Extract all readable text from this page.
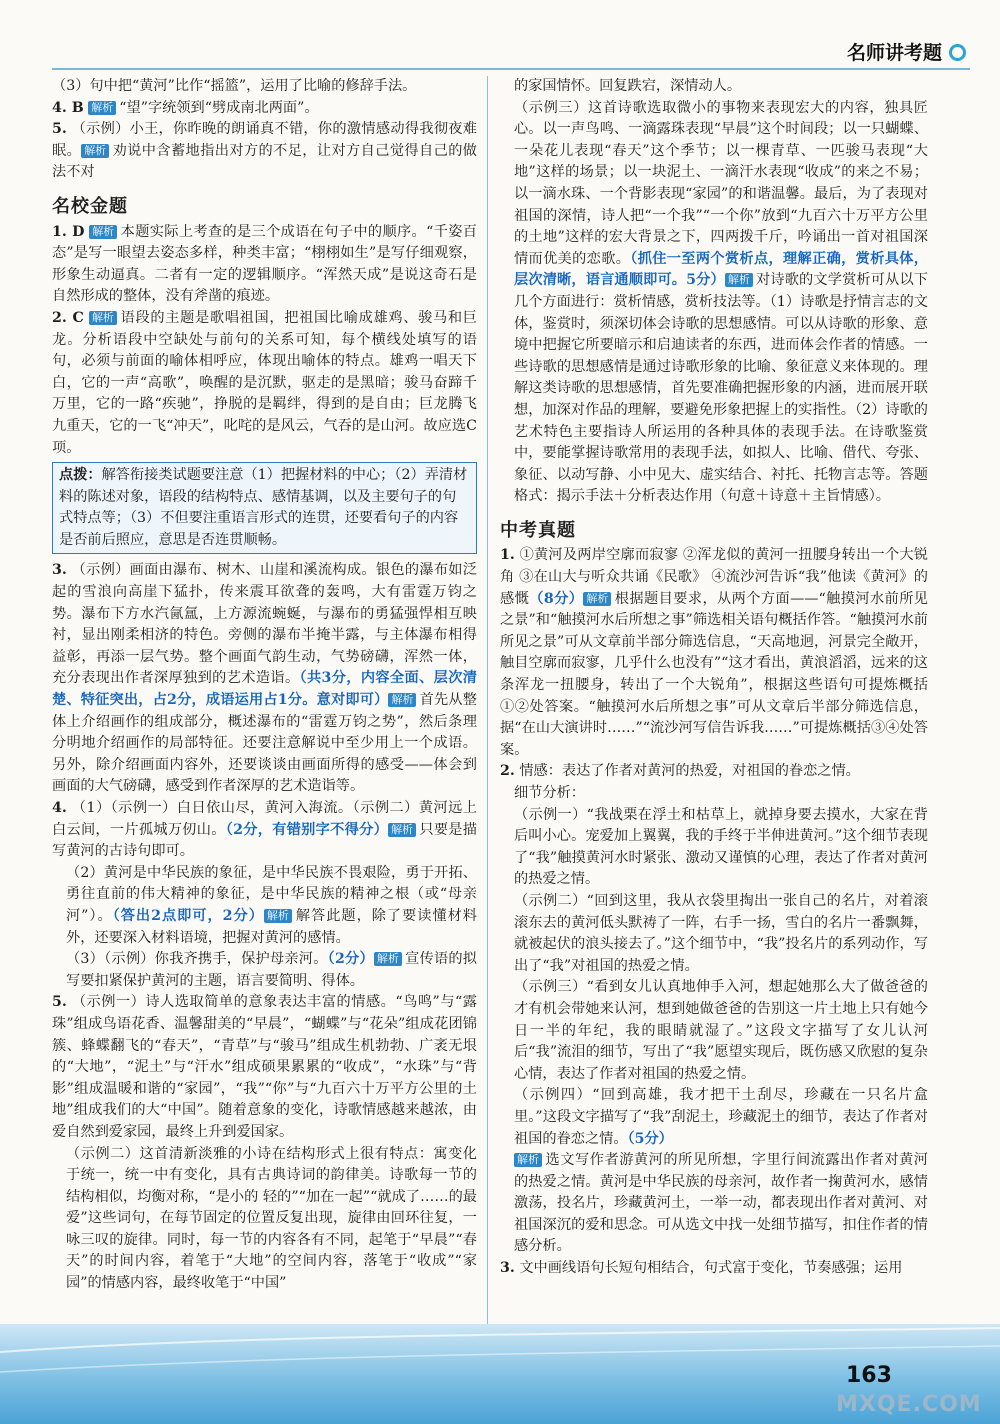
名师讲考题

（3）句中把“黄河”比作“摇篮”，运用了比喻的修辞手法。

4. B 解析 “望”字统领到“劈成南北两面”。

5. （示例）小王，你昨晚的朗诵真不错，你的激情感动得我彻夜难眠。 解析 劝说中含蓄地指出对方的不足，让对方自己觉得自己的做法不对

名校金题

1. D 解析 本题实际上考查的是三个成语在句子中的顺序。“千姿百态”是写一眼望去姿态多样，种类丰富；“栩栩如生”是写仔细观察，形象生动逼真。二者有一定的逻辑顺序。“浑然天成”是说这奇石是自然形成的整体，没有斧凿的痕迹。

2. C 解析 语段的主题是歌唱祖国，把祖国比喻成雄鸡、骏马和巨龙。分析语段中空缺处与前句的关系可知，每个横线处填写的语句，必须与前面的喻体相呼应，体现出喻体的特点。雄鸡一唱天下白，它的一声“高歌”，唤醒的是沉默，驱走的是黑暗；骏马奋蹄千万里，它的一路“疾驰”，挣脱的是羁绊，得到的是自由；巨龙腾飞九重天，它的一飞“冲天”，叱咤的是风云，气吞的是山河。故应选C项。

点拨：解答衔接类试题要注意（1）把握材料的中心；（2）弄清材料的陈述对象，语段的结构特点、感情基调，以及主要句子的句式特点等；（3）不但要注重语言形式的连贯，还要看句子的内容是否前后照应，意思是否连贯顺畅。

3. （示例）画面由瀑布、树木、山崖和溪流构成。银色的瀑布如泛起的雪浪向高崖下猛扑，传来震耳欲聋的轰鸣，大有雷霆万钧之势。瀑布下方水汽氤氲，上方源流蜿蜒，与瀑布的勇猛强悍相互映衬，显出刚柔相济的特色。旁侧的瀑布半掩半露，与主体瀑布相得益彰，再添一层气势。整个画面气韵生动，气势磅礴，浑然一体，充分表现出作者深厚独到的艺术造诣。（共3分，内容全面、层次清楚、特征突出，占2分，成语运用占1分。意对即可） 解析 首先从整体上介绍画作的组成部分，概述瀑布的“雷霆万钧之势”，然后条理分明地介绍画作的局部特征。还要注意解说中至少用上一个成语。另外，除介绍画面内容外，还要谈谈由画面所得的感受——体会到画面的大气磅礴，感受到作者深厚的艺术造诣等。

4. （1）（示例一）白日依山尽，黄河入海流。（示例二）黄河远上白云间，一片孤城万仞山。（2分，有错别字不得分） 解析 只要是描写黄河的古诗句即可。

（2）黄河是中华民族的象征，是中华民族不畏艰险，勇于开拓、勇往直前的伟大精神的象征，是中华民族的精神之根（或“母亲河”）。（答出2点即可，2分） 解析 解答此题，除了要读懂材料外，还要深入材料语境，把握对黄河的感情。

（3）（示例）你我齐携手，保护母亲河。（2分） 解析 宣传语的拟写要扣紧保护黄河的主题，语言要简明、得体。

5. （示例一）诗人选取简单的意象表达丰富的情感。“鸟鸣”与“露珠”组成鸟语花香、温馨甜美的“早晨”，“蝴蝶”与“花朵”组成花团锦簇、蜂蝶翻飞的“春天”，“青草”与“骏马”组成生机勃勃、广袤无垠的“大地”，“泥土”与“汗水”组成硕果累累的“收成”，“水珠”与“背影”组成温暖和谐的“家园”，“我”“你”与“九百六十万平方公里的土地”组成我们的大“中国”。随着意象的变化，诗歌情感越来越浓，由爱自然到爱家园，最终上升到爱国家。

（示例二）这首清新淡雅的小诗在结构形式上很有特点：寓变化于统一，统一中有变化，具有古典诗词的韵律美。诗歌每一节的结构相似，均衡对称，“是小的 轻的”“加在一起”“就成了……的最爱”这些词句，在每节固定的位置反复出现，旋律由回环往复，一咏三叹的旋律。同时，每一节的内容各有不同，起笔于“早晨”“春天”的时间内容，着笔于“大地”的空间内容，落笔于“收成”“家园”的情感内容，最终收笔于“中国”

的家国情怀。回复跌宕，深情动人。

（示例三）这首诗歌选取微小的事物来表现宏大的内容，独具匠心。以一声鸟鸣、一滴露珠表现“早晨”这个时间段；以一只蝴蝶、一朵花儿表现“春天”这个季节；以一棵青草、一匹骏马表现“大地”这样的场景；以一块泥土、一滴汗水表现“收成”的来之不易；以一滴水珠、一个背影表现“家园”的和谐温馨。最后，为了表现对祖国的深情，诗人把“一个我”“一个你”放到“九百六十万平方公里的土地”这样的宏大背景之下，四两拨千斤，吟诵出一首对祖国深情而优美的恋歌。（抓住一至两个赏析点，理解正确，赏析具体，层次清晰，语言通顺即可。5分） 解析 对诗歌的文学赏析可从以下几个方面进行：赏析情感，赏析技法等。（1）诗歌是抒情言志的文体，鉴赏时，须深切体会诗歌的思想感情。可以从诗歌的形象、意境中把握它所要暗示和启迪读者的东西，进而体会作者的情感。一些诗歌的思想感情是通过诗歌形象的比喻、象征意义来体现的。理解这类诗歌的思想感情，首先要准确把握形象的内涵，进而展开联想，加深对作品的理解，要避免形象把握上的实指性。（2）诗歌的艺术特色主要指诗人所运用的各种具体的表现手法。在诗歌鉴赏中，要能掌握诗歌常用的表现手法，如拟人、比喻、借代、夸张、象征、以动写静、小中见大、虚实结合、衬托、托物言志等。答题格式：揭示手法＋分析表达作用（句意＋诗意＋主旨情感）。

中考真题

1. ①黄河及两岸空廓而寂寥 ②浑龙似的黄河一扭腰身转出一个大锐角 ③在山大与听众共诵《民歌》 ④流沙河告诉“我”他读《黄河》的感慨（8分） 解析 根据题目要求，从两个方面——“触摸河水前所见之景”和“触摸河水后所想之事”筛选相关语句概括作答。“触摸河水前所见之景”可从文章前半部分筛选信息，“天高地迥，河景完全敞开，触目空廓而寂寥，几乎什么也没有”“这才看出，黄浪滔滔，远来的这条浑龙一扭腰身，转出了一个大锐角”，根据这些语句可提炼概括①②处答案。“触摸河水后所想之事”可从文章后半部分筛选信息，据“在山大演讲时……”“流沙河写信告诉我……”可提炼概括③④处答案。

2. 情感：表达了作者对黄河的热爱，对祖国的眷恋之情。

细节分析：

（示例一）“我战栗在浮土和枯草上，就掉身要去摸水，大家在背后叫小心。宠爱加上翼翼，我的手终于半伸进黄河。”这个细节表现了“我”触摸黄河水时紧张、激动又谨慎的心理，表达了作者对黄河的热爱之情。

（示例二）“回到这里，我从衣袋里掏出一张自己的名片，对着滚滚东去的黄河低头默祷了一阵，右手一扬，雪白的名片一番飘舞，就被起伏的浪头接去了。”这个细节中，“我”投名片的系列动作，写出了“我”对祖国的热爱之情。

（示例三）“看到女儿认真地伸手入河，想起她那么大了做爸爸的才有机会带她来认河，想到她做爸爸的告别这一片土地上只有她今日一半的年纪，我的眼睛就湿了。”这段文字描写了女儿认河后“我”流泪的细节，写出了“我”愿望实现后，既伤感又欣慰的复杂心情，表达了作者对祖国的热爱之情。

（示例四）“回到高雄，我才把干土刮尽，珍藏在一只名片盒里。”这段文字描写了“我”刮泥土，珍藏泥土的细节，表达了作者对祖国的眷恋之情。（5分）

解析 选文写作者游黄河的所见所想，字里行间流露出作者对黄河的热爱之情。黄河是中华民族的母亲河，故作者一掬黄河水，感情激荡，投名片，珍藏黄河土，一举一动，都表现出作者对黄河、对祖国深沉的爱和思念。可从选文中找一处细节描写，扣住作者的情感分析。

3. 文中画线语句长短句相结合，句式富于变化，节奏感强；运用

163
MXQE.COM
